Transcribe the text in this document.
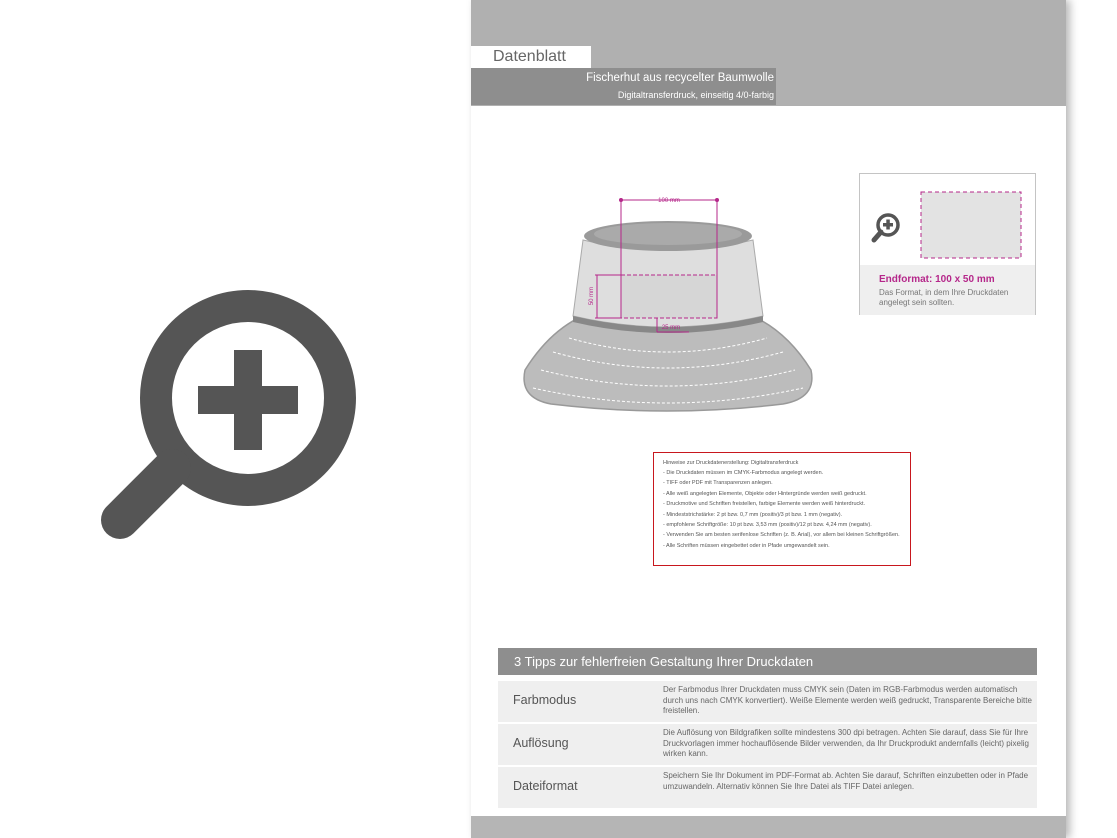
Datenblatt
Fischerhut aus recycelter Baumwolle
Digitaltransferdruck, einseitig 4/0-farbig
100 mm
50 mm
25 mm
Endformat: 100 x 50 mm
Das Format, in dem Ihre Druckdaten angelegt sein sollten.
Hinweise zur Druckdatenerstellung: Digitaltransferdruck
- Die Druckdaten müssen im CMYK-Farbmodus angelegt werden.
- TIFF oder PDF mit Transparenzen anlegen.
- Alle weiß angelegten Elemente, Objekte oder Hintergründe werden weiß gedruckt.
- Druckmotive und Schriften freistellen, farbige Elemente werden weiß hinterdruckt.
- Mindeststrichstärke: 2 pt bzw. 0,7 mm (positiv)/3 pt bzw. 1 mm (negativ).
- empfohlene Schriftgröße: 10 pt bzw. 3,53 mm (positiv)/12 pt bzw. 4,24 mm (negativ).
- Verwenden Sie am besten serifenlose Schriften (z. B. Arial), vor allem bei kleinen Schriftgrößen.
- Alle Schriften müssen eingebettet oder in Pfade umgewandelt sein.
3 Tipps zur fehlerfreien Gestaltung Ihrer Druckdaten
Farbmodus
Der Farbmodus Ihrer Druckdaten muss CMYK sein (Daten im RGB-Farbmodus werden automatisch durch uns nach CMYK konvertiert). Weiße Elemente werden weiß gedruckt, Transparente Bereiche bitte freistellen.
Auflösung
Die Auflösung von Bildgrafiken sollte mindestens 300 dpi betragen. Achten Sie darauf, dass Sie für Ihre Druckvorlagen immer hochauflösende Bilder verwenden, da Ihr Druckprodukt andernfalls (leicht) pixelig wirken kann.
Dateiformat
Speichern Sie Ihr Dokument im PDF-Format ab. Achten Sie darauf, Schriften einzubetten oder in Pfade umzuwandeln. Alternativ können Sie Ihre Datei als TIFF Datei anlegen.
